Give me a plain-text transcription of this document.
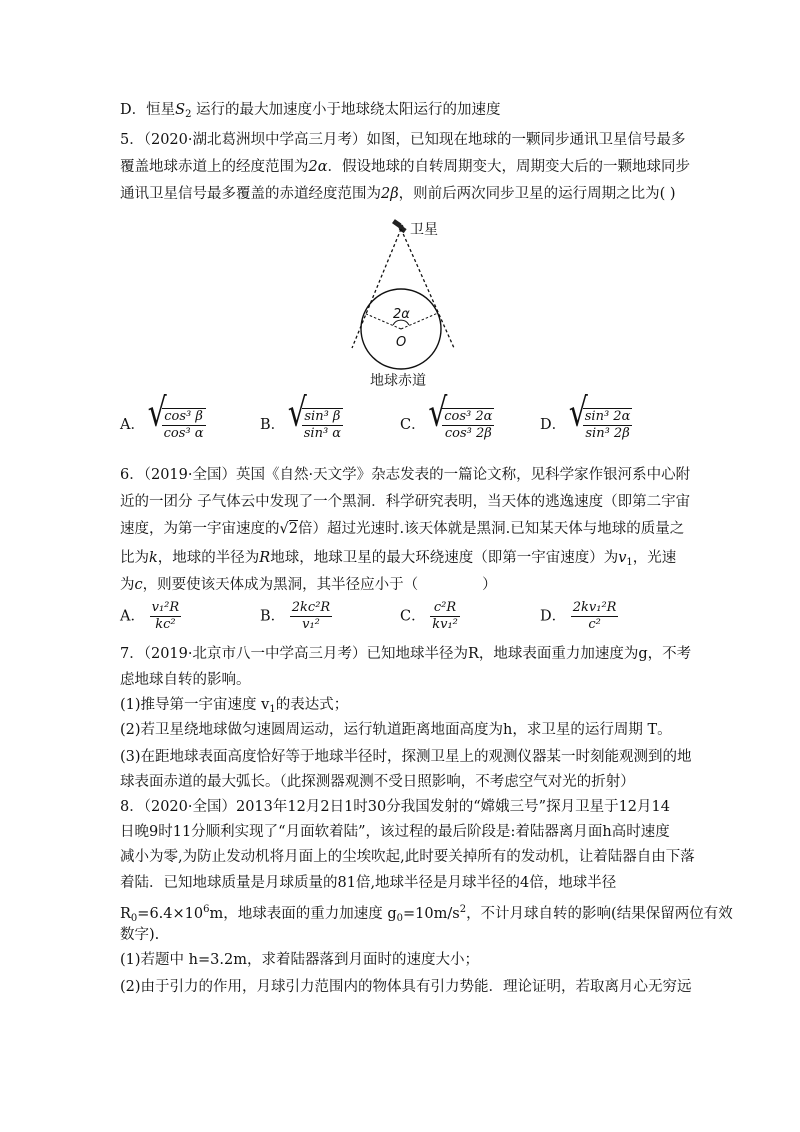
D．恒星$S_2$ 运行的最大加速度小于地球绕太阳运行的加速度
5．（2020·湖北葛洲坝中学高三月考）如图，已知现在地球的一颗同步通讯卫星信号最多
覆盖地球赤道上的经度范围为2α．假设地球的自转周期变大，周期变大后的一颗地球同步
通讯卫星信号最多覆盖的赤道经度范围为2β，则前后两次同步卫星的运行周期之比为( )
卫星
2α
O
地球赤道
A． √ $\frac{\text{cos³ β}}{\text{cos³ α}}$	B． √ $\frac{\text{sin³ β}}{\text{sin³ α}}$	C． √ $\frac{\text{cos³ 2α}}{\text{cos³ 2β}}$	D． √ $\frac{\text{sin³ 2α}}{\text{sin³ 2β}}$
6．（2019·全国）英国《自然·天文学》杂志发表的一篇论文称，见科学家作银河系中心附
近的一团分 子气体云中发现了一个黑洞．科学研究表明，当天体的逃逸速度（即第二宇宙
速度，为第一宇宙速度的√2倍）超过光速时.该天体就是黑洞.已知某天体与地球的质量之
比为k，地球的半径为R地球，地球卫星的最大环绕速度（即第一宇宙速度）为$v_1$，光速
为c，则要使该天体成为黑洞，其半径应小于（	）
A． $\frac{\text{v₁²R}}{\text{kc²}}$	B． $\frac{\text{2kc²R}}{\text{v₁²}}$	C． $\frac{\text{c²R}}{\text{kv₁²}}$	D． $\frac{\text{2kv₁²R}}{\text{c²}}$
7．（2019·北京市八一中学高三月考）已知地球半径为R，地球表面重力加速度为g，不考
虑地球自转的影响。
(1)推导第一宇宙速度 $v_1$的表达式；
(2)若卫星绕地球做匀速圆周运动，运行轨道距离地面高度为h，求卫星的运行周期 T。
(3)在距地球表面高度恰好等于地球半径时，探测卫星上的观测仪器某一时刻能观测到的地
球表面赤道的最大弧长。（此探测器观测不受日照影响，不考虑空气对光的折射）
8．（2020·全国）2013年12月2日1时30分我国发射的“嫦娥三号”探月卫星于12月14
日晚9时11分顺利实现了“月面软着陆”，该过程的最后阶段是:着陆器离月面h高时速度
减小为零,为防止发动机将月面上的尘埃吹起,此时要关掉所有的发动机，让着陆器自由下落
着陆．已知地球质量是月球质量的81倍,地球半径是月球半径的4倍，地球半径
$R_0=6.4\times 10^6m$，地球表面的重力加速度 $g_0=10m/s^2$，不计月球自转的影响(结果保留两位有效
数字).
(1)若题中 h=3.2m，求着陆器落到月面时的速度大小；
(2)由于引力的作用，月球引力范围内的物体具有引力势能．理论证明，若取离月心无穷远
